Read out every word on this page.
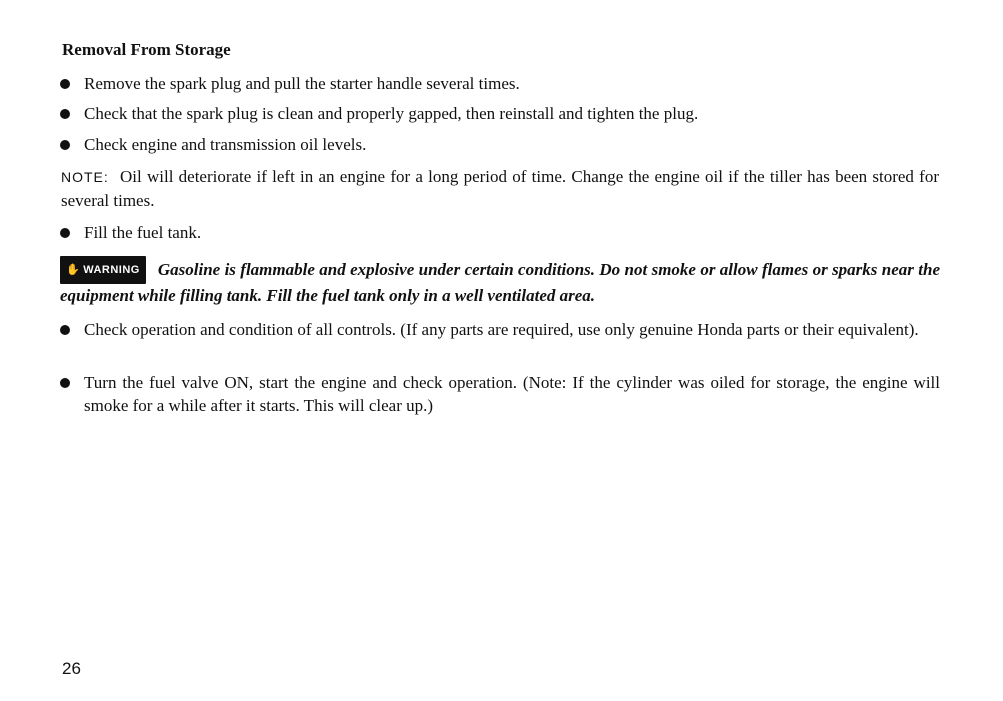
Removal From Storage
Remove the spark plug and pull the starter handle several times.
Check that the spark plug is clean and properly gapped, then reinstall and tighten the plug.
Check engine and transmission oil levels.
NOTE: Oil will deteriorate if left in an engine for a long period of time. Change the engine oil if the tiller has been stored for several times.
Fill the fuel tank.
✋ WARNING Gasoline is flammable and explosive under certain conditions. Do not smoke or allow flames or sparks near the equipment while filling tank. Fill the fuel tank only in a well ventilated area.
Check operation and condition of all controls. (If any parts are required, use only genuine Honda parts or their equivalent).
Turn the fuel valve ON, start the engine and check operation. (Note: If the cylinder was oiled for storage, the engine will smoke for a while after it starts. This will clear up.)
26
